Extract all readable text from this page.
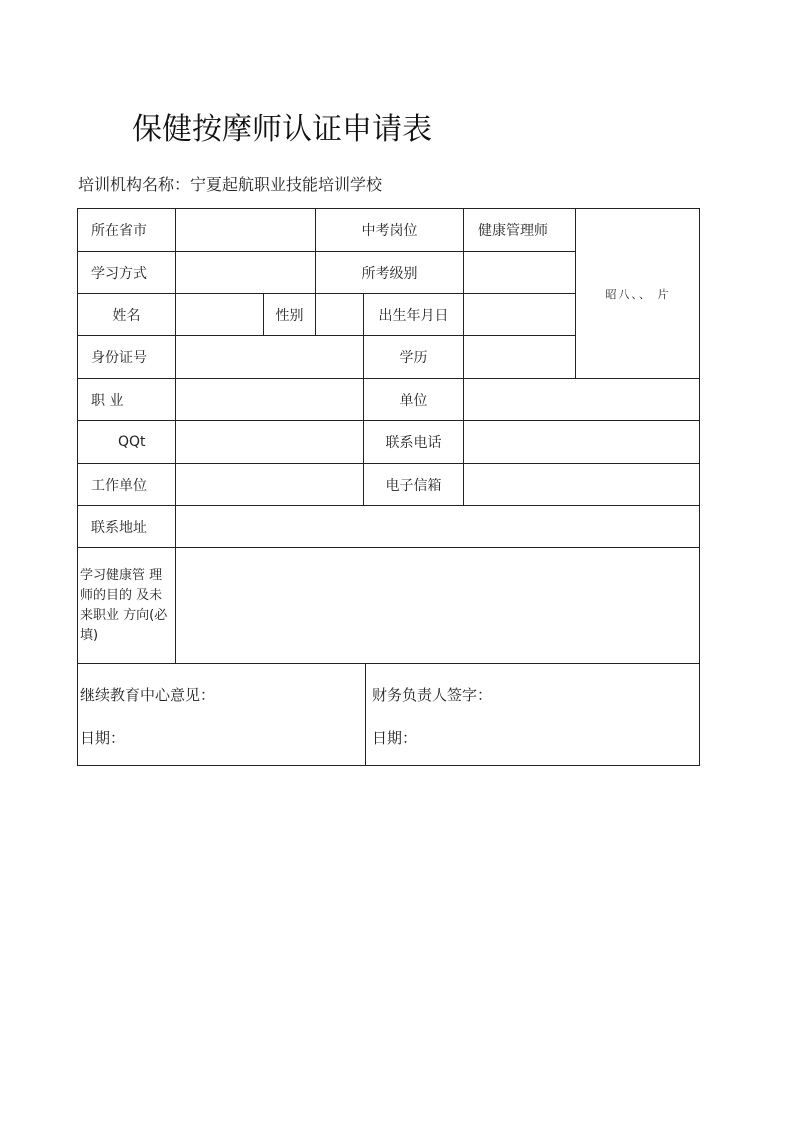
保健按摩师认证申请表
培训机构名称：宁夏起航职业技能培训学校
所在省市	中考岗位	健康管理师
昭八、、 片
学习方式	所考级别
姓名	性别	出生年月日
身份证号	学历
职 业	单位
QQt	联系电话
工作单位	电子信箱
联系地址
学习健康管 理
师的目的 及未
来职业 方向(必
填)
继续教育中心意见：
日期：
财务负责人签字：
日期：
